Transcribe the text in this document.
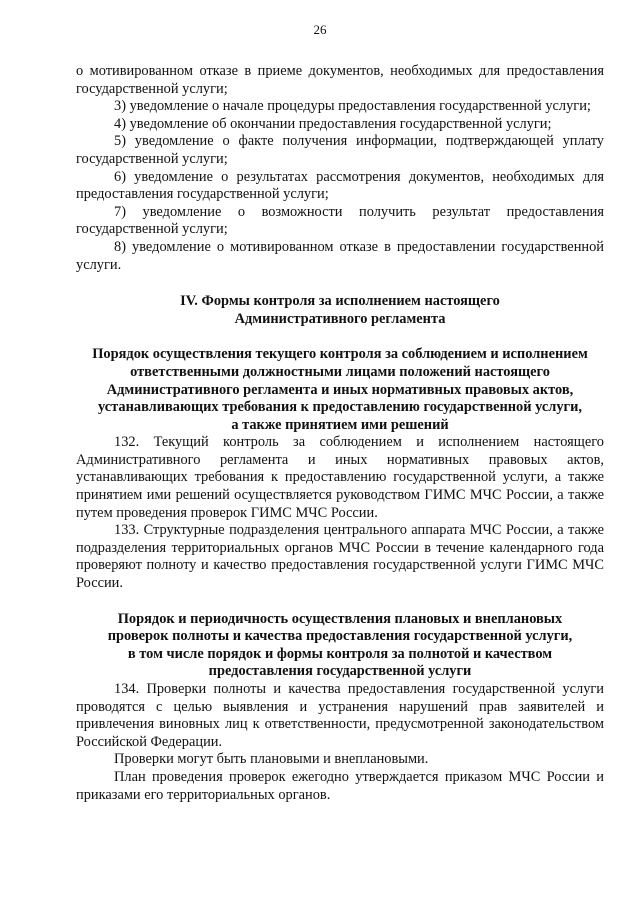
26

о мотивированном отказе в приеме документов, необходимых для предоставления государственной услуги;

3) уведомление о начале процедуры предоставления государственной услуги;

4) уведомление об окончании предоставления государственной услуги;

5) уведомление о факте получения информации, подтверждающей уплату государственной услуги;

6) уведомление о результатах рассмотрения документов, необходимых для предоставления государственной услуги;

7) уведомление о возможности получить результат предоставления государственной услуги;

8) уведомление о мотивированном отказе в предоставлении государственной услуги.

IV. Формы контроля за исполнением настоящего
Административного регламента
Порядок осуществления текущего контроля за соблюдением и исполнением
ответственными должностными лицами положений настоящего
Административного регламента и иных нормативных правовых актов,
устанавливающих требования к предоставлению государственной услуги,
а также принятием ими решений

132. Текущий контроль за соблюдением и исполнением настоящего Административного регламента и иных нормативных правовых актов, устанавливающих требования к предоставлению государственной услуги, а также принятием ими решений осуществляется руководством ГИМС МЧС России, а также путем проведения проверок ГИМС МЧС России.

133. Структурные подразделения центрального аппарата МЧС России, а также подразделения территориальных органов МЧС России в течение календарного года проверяют полноту и качество предоставления государственной услуги ГИМС МЧС России.

Порядок и периодичность осуществления плановых и внеплановых
проверок полноты и качества предоставления государственной услуги,
в том числе порядок и формы контроля за полнотой и качеством
предоставления государственной услуги

134. Проверки полноты и качества предоставления государственной услуги проводятся с целью выявления и устранения нарушений прав заявителей и привлечения виновных лиц к ответственности, предусмотренной законодательством Российской Федерации.

Проверки могут быть плановыми и внеплановыми.

План проведения проверок ежегодно утверждается приказом МЧС России и приказами его территориальных органов.
